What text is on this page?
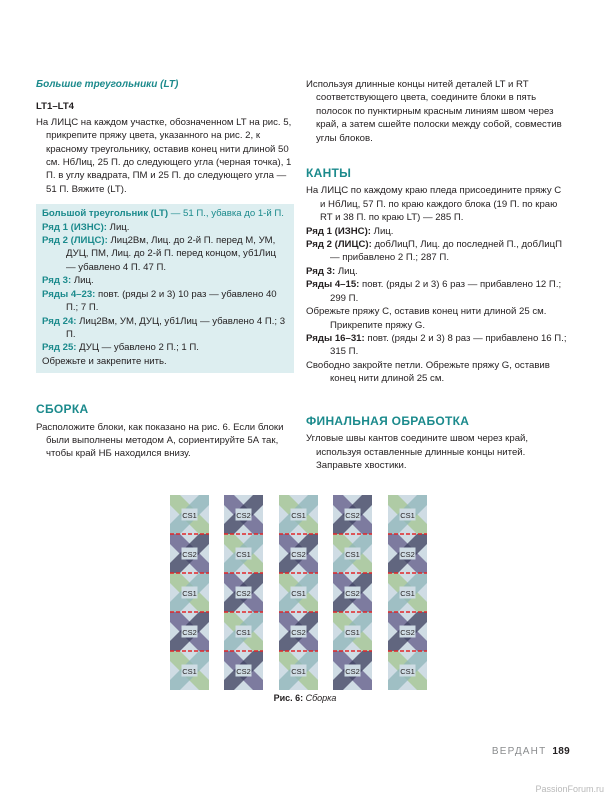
Большие треугольники (LT)

LT1–LT4

На ЛИЦС на каждом участке, обозначенном LT на рис. 5, прикрепите пряжу цвета, указанного на рис. 2, к красному треугольнику, оставив конец нити длиной 50 см. НбЛиц, 25 П. до следующего угла (черная точка), 1 П. в углу квадрата, ПМ и 25 П. до следующего угла — 51 П. Вяжите (LT).

Большой треугольник (LT) — 51 П., убавка до 1-й П.

Ряд 1 (ИЗНС): Лиц.

Ряд 2 (ЛИЦС): Лиц2Вм, Лиц. до 2-й П. перед М, УМ, ДУЦ, ПМ, Лиц. до 2-й П. перед концом, уб1Лиц — убавлено 4 П. 47 П.

Ряд 3: Лиц.

Ряды 4–23: повт. (ряды 2 и 3) 10 раз — убавлено 40 П.; 7 П.

Ряд 24: Лиц2Вм, УМ, ДУЦ, уб1Лиц — убавлено 4 П.; 3 П.

Ряд 25: ДУЦ — убавлено 2 П.; 1 П.

Обрежьте и закрепите нить.

СБОРКА

Расположите блоки, как показано на рис. 6. Если блоки были выполнены методом А, сориентируйте 5А так, чтобы край НБ находился внизу.

Используя длинные концы нитей деталей LT и RT соответствующего цвета, соедините блоки в пять полосок по пунктирным красным линиям швом через край, а затем сшейте полоски между собой, совместив углы блоков.

КАНТЫ

На ЛИЦС по каждому краю пледа присоедините пряжу С и НбЛиц, 57 П. по краю каждого блока (19 П. по краю RT и 38 П. по краю LT) — 285 П.

Ряд 1 (ИЗНС): Лиц.

Ряд 2 (ЛИЦС): добЛицП, Лиц. до последней П., добЛицП — прибавлено 2 П.; 287 П.

Ряд 3: Лиц.

Ряды 4–15: повт. (ряды 2 и 3) 6 раз — прибавлено 12 П.; 299 П.

Обрежьте пряжу С, оставив конец нити длиной 25 см. Прикрепите пряжу G.

Ряды 16–31: повт. (ряды 2 и 3) 8 раз — прибавлено 16 П.; 315 П.

Свободно закройте петли. Обрежьте пряжу G, оставив конец нити длиной 25 см.

ФИНАЛЬНАЯ ОБРАБОТКА

Угловые швы кантов соедините швом через край, используя оставленные длинные концы нитей. Заправьте хвостики.

CS1
CS2
CS1
CS2
CS1
CS2
CS1
CS2
CS1
CS2
CS1
CS2
CS1
CS2
CS1
CS2
CS1
CS2
CS1
CS2
CS1
CS2
CS1
CS2
CS1
Рис. 6: Сборка
ВЕРДАНТ 189
PassionForum.ru
